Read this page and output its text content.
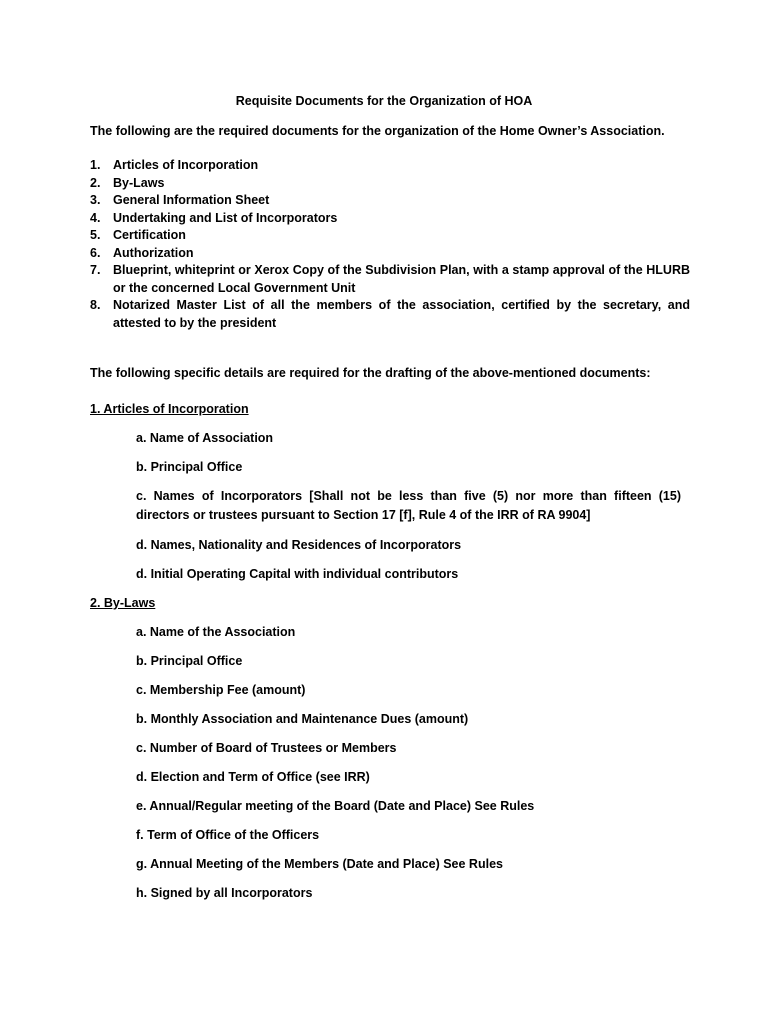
Requisite Documents for the Organization of HOA
The following are the required documents for the organization of the Home Owner’s Association.
1.	Articles of Incorporation
2.	By-Laws
3.	General Information Sheet
4.	Undertaking and List of Incorporators
5.	Certification
6.	Authorization
7.	Blueprint, whiteprint or Xerox Copy of the Subdivision Plan, with a stamp approval of the HLURB or the concerned Local Government Unit
8.	Notarized Master List of all the members of the association, certified by the secretary, and attested to by the president
The following specific details are required for the drafting of the above-mentioned documents:
1. Articles of Incorporation
a. Name of Association
b. Principal Office
c. Names of Incorporators [Shall not be less than five (5) nor more than fifteen (15) directors or trustees pursuant to Section 17 [f], Rule 4 of the IRR of RA 9904]
d. Names, Nationality and Residences of Incorporators
d. Initial Operating Capital with individual contributors
2. By-Laws
a. Name of the Association
b. Principal Office
c. Membership Fee (amount)
b. Monthly Association and Maintenance Dues (amount)
c. Number of Board of Trustees or Members
d. Election and Term of Office (see IRR)
e. Annual/Regular meeting of the Board (Date and Place) See Rules
f. Term of Office of the Officers
g. Annual Meeting of the Members (Date and Place) See Rules
h. Signed by all Incorporators
